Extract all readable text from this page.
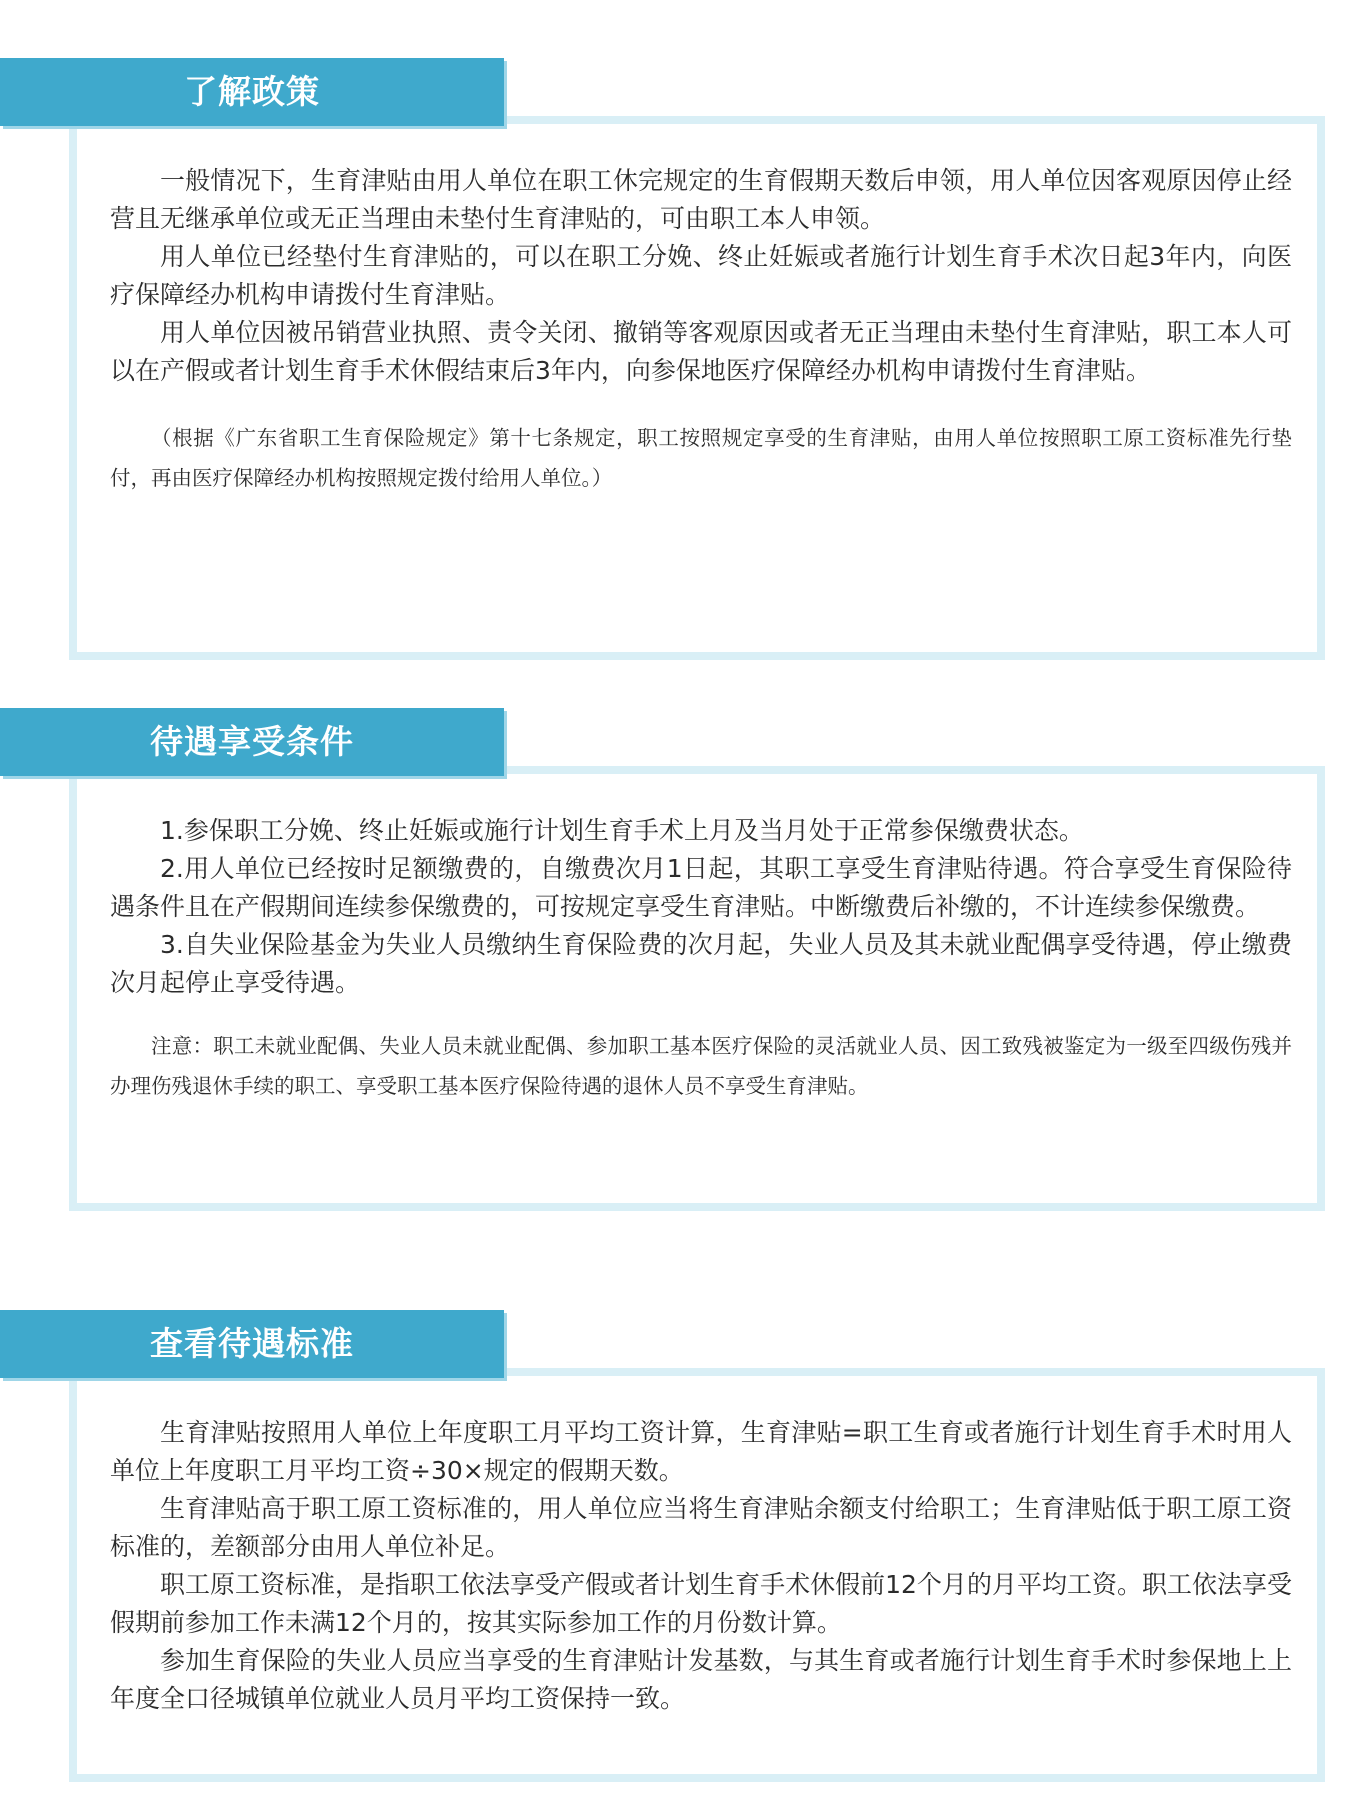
了解政策

一般情况下，生育津贴由用人单位在职工休完规定的生育假期天数后申领，用人单位因客观原因停止经营且无继承单位或无正当理由未垫付生育津贴的，可由职工本人申领。

用人单位已经垫付生育津贴的，可以在职工分娩、终止妊娠或者施行计划生育手术次日起3年内，向医疗保障经办机构申请拨付生育津贴。

用人单位因被吊销营业执照、责令关闭、撤销等客观原因或者无正当理由未垫付生育津贴，职工本人可以在产假或者计划生育手术休假结束后3年内，向参保地医疗保障经办机构申请拨付生育津贴。

（根据《广东省职工生育保险规定》第十七条规定，职工按照规定享受的生育津贴，由用人单位按照职工原工资标准先行垫付，再由医疗保障经办机构按照规定拨付给用人单位。）

待遇享受条件

1.参保职工分娩、终止妊娠或施行计划生育手术上月及当月处于正常参保缴费状态。

2.用人单位已经按时足额缴费的，自缴费次月1日起，其职工享受生育津贴待遇。符合享受生育保险待遇条件且在产假期间连续参保缴费的，可按规定享受生育津贴。中断缴费后补缴的，不计连续参保缴费。

3.自失业保险基金为失业人员缴纳生育保险费的次月起，失业人员及其未就业配偶享受待遇，停止缴费次月起停止享受待遇。

注意：职工未就业配偶、失业人员未就业配偶、参加职工基本医疗保险的灵活就业人员、因工致残被鉴定为一级至四级伤残并办理伤残退休手续的职工、享受职工基本医疗保险待遇的退休人员不享受生育津贴。

查看待遇标准

生育津贴按照用人单位上年度职工月平均工资计算，生育津贴=职工生育或者施行计划生育手术时用人单位上年度职工月平均工资÷30×规定的假期天数。

生育津贴高于职工原工资标准的，用人单位应当将生育津贴余额支付给职工；生育津贴低于职工原工资标准的，差额部分由用人单位补足。

职工原工资标准，是指职工依法享受产假或者计划生育手术休假前12个月的月平均工资。职工依法享受假期前参加工作未满12个月的，按其实际参加工作的月份数计算。

参加生育保险的失业人员应当享受的生育津贴计发基数，与其生育或者施行计划生育手术时参保地上上年度全口径城镇单位就业人员月平均工资保持一致。
